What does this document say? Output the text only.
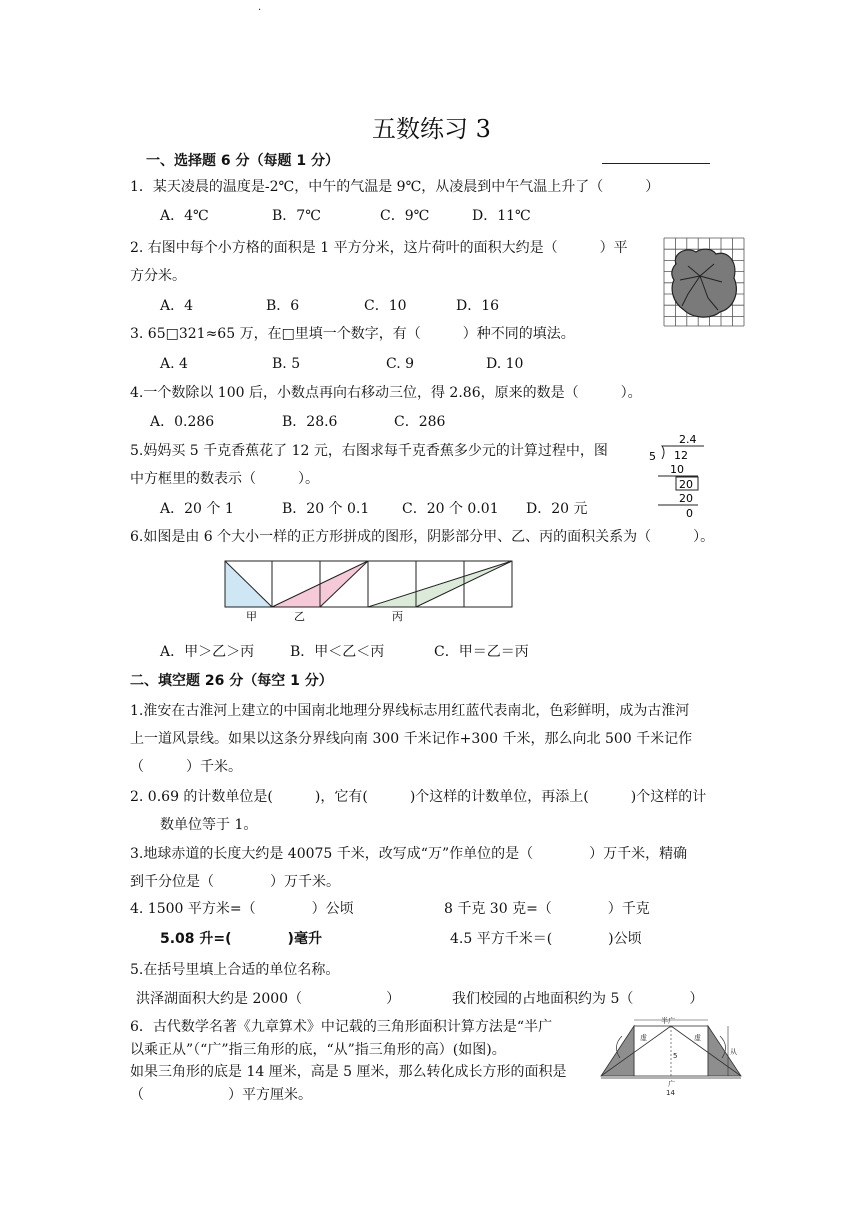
.
五数练习 3
一、选择题 6 分（每题 1 分）
1．某天凌晨的温度是-2℃，中午的气温是 9℃，从凌晨到中午气温上升了（　　　）
A．4℃	B．7℃	C．9℃	D．11℃
2. 右图中每个小方格的面积是 1 平方分米，这片荷叶的面积大约是（　　　）平
方分米。
A．4	B．6	C．10	D．16
3. 65□321≈65 万，在□里填一个数字，有（　　　）种不同的填法。
A. 4	B. 5	C. 9	D. 10
4.一个数除以 100 后，小数点再向右移动三位，得 2.86，原来的数是（　　　）。
A．0.286	B．28.6	C．286
5.妈妈买 5 千克香蕉花了 12 元，右图求每千克香蕉多少元的计算过程中，图
中方框里的数表示（　　　）。
A．20 个 1	B．20 个 0.1 C．20 个 0.01 D．20 元
2.4
5 12
10
20
20
0
6.如图是由 6 个大小一样的正方形拼成的图形，阴影部分甲、乙、丙的面积关系为（　　　）。
甲	乙	丙
A．甲＞乙＞丙	B．甲＜乙＜丙	C．甲＝乙＝丙
二、填空题 26 分（每空 1 分）
1.淮安在古淮河上建立的中国南北地理分界线标志用红蓝代表南北，色彩鲜明，成为古淮河
上一道风景线。如果以这条分界线向南 300 千米记作+300 千米，那么向北 500 千米记作
（　　　）千米。
2. 0.69 的计数单位是(　　　)，它有(　　　)个这样的计数单位，再添上(　　　)个这样的计
数单位等于 1。
3.地球赤道的长度大约是 40075 千米，改写成“万”作单位的是（　　　　）万千米，精确
到千分位是（　　　　）万千米。
4. 1500 平方米=（　　　　）公顷	8 千克 30 克=（　　　　）千克
5.08 升=(　　　　)毫升	4.5 平方千米＝(　　　　)公顷
5.在括号里填上合适的单位名称。
洪泽湖面积大约是 2000（　　　　　　）	我们校园的占地面积约为 5（　　　　）
6．古代数学名著《九章算术》中记载的三角形面积计算方法是“半广
以乘正从”（“广”指三角形的底，“从”指三角形的高）(如图)。
如果三角形的底是 14 厘米，高是 5 厘米，那么转化成长方形的面积是
（　　　　　　）平方厘米。
半广
虚	虚
5	从
广
14
